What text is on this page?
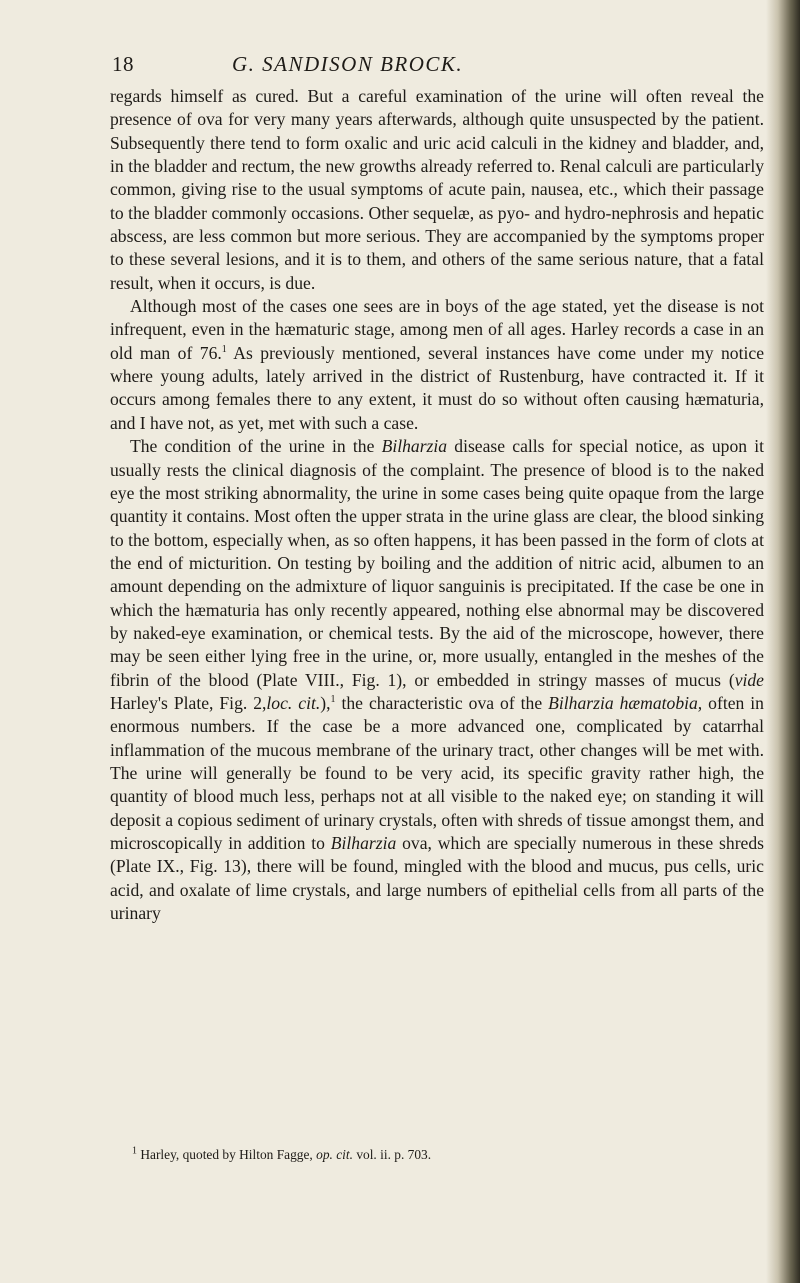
18	G. SANDISON BROCK.

regards himself as cured. But a careful examination of the urine will often reveal the presence of ova for very many years afterwards, although quite unsuspected by the patient. Subsequently there tend to form oxalic and uric acid calculi in the kidney and bladder, and, in the bladder and rectum, the new growths already referred to. Renal calculi are particularly common, giving rise to the usual symptoms of acute pain, nausea, etc., which their passage to the bladder commonly occasions. Other sequelæ, as pyo- and hydro-nephrosis and hepatic abscess, are less common but more serious. They are accompanied by the symptoms proper to these several lesions, and it is to them, and others of the same serious nature, that a fatal result, when it occurs, is due.

Although most of the cases one sees are in boys of the age stated, yet the disease is not infrequent, even in the hæmaturic stage, among men of all ages. Harley records a case in an old man of 76.$^1$ As previously mentioned, several instances have come under my notice where young adults, lately arrived in the district of Rustenburg, have contracted it. If it occurs among females there to any extent, it must do so without often causing hæmaturia, and I have not, as yet, met with such a case.

The condition of the urine in the Bilharzia disease calls for special notice, as upon it usually rests the clinical diagnosis of the complaint. The presence of blood is to the naked eye the most striking abnormality, the urine in some cases being quite opaque from the large quantity it contains. Most often the upper strata in the urine glass are clear, the blood sinking to the bottom, especially when, as so often happens, it has been passed in the form of clots at the end of micturition. On testing by boiling and the addition of nitric acid, albumen to an amount depending on the admixture of liquor sanguinis is precipitated. If the case be one in which the hæmaturia has only recently appeared, nothing else abnormal may be discovered by naked-eye examination, or chemical tests. By the aid of the microscope, however, there may be seen either lying free in the urine, or, more usually, entangled in the meshes of the fibrin of the blood (Plate VIII., Fig. 1), or embedded in stringy masses of mucus (vide Harley's Plate, Fig. 2,loc. cit.),$^1$ the characteristic ova of the Bilharzia hæmatobia, often in enormous numbers. If the case be a more advanced one, complicated by catarrhal inflammation of the mucous membrane of the urinary tract, other changes will be met with. The urine will generally be found to be very acid, its specific gravity rather high, the quantity of blood much less, perhaps not at all visible to the naked eye; on standing it will deposit a copious sediment of urinary crystals, often with shreds of tissue amongst them, and microscopically in addition to Bilharzia ova, which are specially numerous in these shreds (Plate IX., Fig. 13), there will be found, mingled with the blood and mucus, pus cells, uric acid, and oxalate of lime crystals, and large numbers of epithelial cells from all parts of the urinary

$^1$ Harley, quoted by Hilton Fagge, op. cit. vol. ii. p. 703.
